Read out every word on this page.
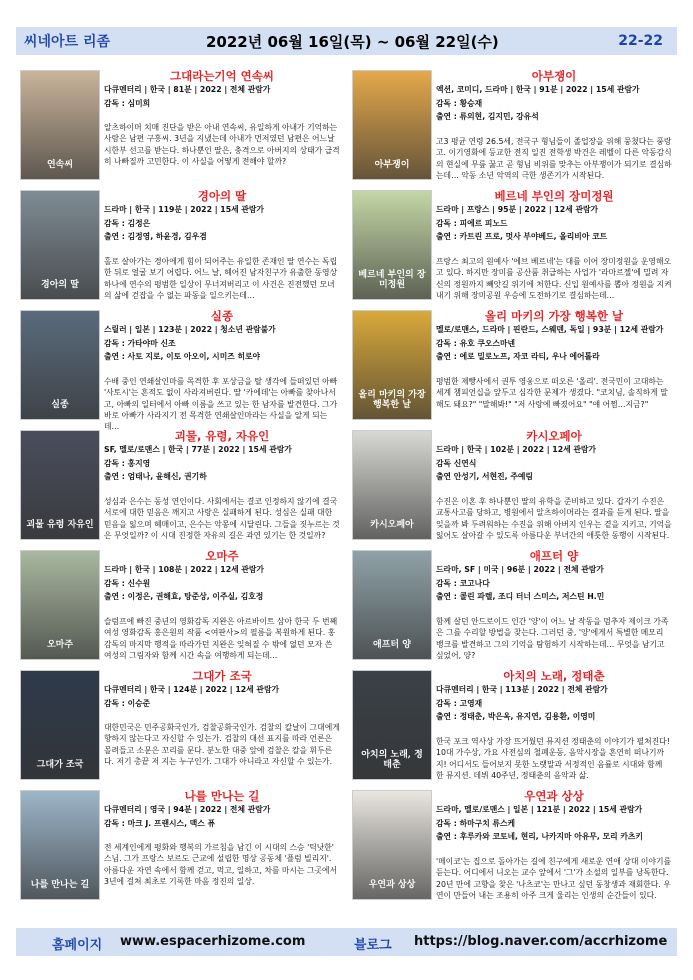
씨네아트 리좀	2022년 06월 16일(목) ~ 06월 22일(수)	22-22
연속씨
그대라는기억 연속씨
다큐멘터리 | 한국 | 81분 | 2022 | 전체 관람가
감독 : 심미희
알츠하이머 치매 진단을 받은 아내 연속씨, 유일하게 아내가 기억하는 사람은 남편 구흥씨. 3년을 지냈는데 아내가 먼저였던 남편은 어느날 시한부 선고를 받는다. 하나뿐인 딸은, 충격으로 아버지의 상태가 급격히 나빠질까 고민한다. 이 사실을 어떻게 전해야 할까?
경아의 딸
경아의 딸
드라마 | 한국 | 119분 | 2022 | 15세 관람가
감독 : 김정은
출연 : 김정영, 하윤경, 김우겸
홀로 살아가는 경아에게 힘이 되어주는 유일한 존재인 딸 연수는 독립한 뒤로 얼굴 보기 어렵다. 어느 날, 헤어진 남자친구가 유출한 동영상 하나에 연수의 평범한 일상이 무너져버리고 이 사건은 진전했던 모녀의 삶에 걷잡을 수 없는 파동을 일으키는데…
실종
실종
스릴러 | 일본 | 123분 | 2022 | 청소년 관람불가
감독 : 가타야마 신조
출연 : 사토 지로, 이토 아오이, 시미즈 히로야
수배 중인 연쇄살인마를 목격한 후 포상금을 탈 생각에 들떠있던 아빠 '사토시'는 흔적도 없이 사라져버린다. 딸 '카에데'는 아빠를 찾아나서고, 아빠의 일터에서 아빠 이름을 쓰고 있는 한 남자를 발견한다. 그가 바로 아빠가 사라지기 전 목격한 연쇄살인마라는 사실을 알게 되는데…
괴물 유령 자유인
괴물, 유령, 자유인
SF, 멜로/로맨스 | 한국 | 77분 | 2022 | 15세 관람가
감독 : 홍지영
출연 : 엄태나, 윤해신, 권기하
성심과 은수는 동성 연인이다. 사회에서는 결코 인정하지 않기에 결국 서로에 대한 믿음은 깨지고 사랑은 실패하게 된다. 성심은 실패 대한 믿음을 잃으며 헤매이고, 은수는 악몽에 시달린다. 그들을 짓누르는 것은 무엇일까? 이 시대 진정한 자유의 길은 과연 있기는 한 것일까?
오마주
오마주
드라마 | 한국 | 108분 | 2022 | 12세 관람가
감독 : 신수원
출연 : 이정은, 권해효, 탕준상, 이주실, 김호정
슬럼프에 빠진 중년의 영화감독 지완은 아르바이트 삼아 한국 두 번째 여성 영화감독 홍은원의 작품 <여판사>의 필름을 복원하게 된다. 홍감독의 마지막 행적을 따라가던 지완은 잊혀질 수 밖에 없던 모자 쓴 여성의 그림자와 함께 시간 속을 여행하게 되는데…
그대가 조국
그대가 조국
다큐멘터리 | 한국 | 124분 | 2022 | 12세 관람가
감독 : 이승준
대한민국은 민주공화국인가, 검찰공화국인가. 검찰의 칼날이 그대에게 향하지 않는다고 자신할 수 있는가. 검찰의 대선 표지를 따라 언론은 몰려들고 소문은 꼬리를 문다. 분노한 대중 앞에 검찰은 칼을 휘두른다. 저기 총끝 저 지는 누구인가. 그대가 아니라고 자신할 수 있는가.
나를 만나는 길
나를 만나는 길
다큐멘터리 | 영국 | 94분 | 2022 | 전체 관람가
감독 : 마크 J. 프랜시스, 맥스 퓨
전 세계인에게 평화와 행복의 가르침을 남긴 이 시대의 스승 '틱낫한' 스님. 그가 프랑스 보르도 근교에 설립한 명상 공동체 '플럼 빌리지'. 아름다운 자연 속에서 함께 걷고, 먹고, 일하고, 차를 마시는 그곳에서 3년에 걸쳐 최초로 기록한 마음 정진의 일상.
아부쟁이
아부쟁이
액션, 코미디, 드라마 | 한국 | 91분 | 2022 | 15세 관람가
감독 : 황승재
출연 : 류의현, 김지민, 강유석
고3 평균 연령 26.5세, 전국구 형님들이 졸업장을 위해 뭉쳤다는 풍랑고. 이기영화에 등교한 전직 일진 전학생 박건은 레벨이 다른 악동감식의 현실에 무릎 꿇고 곧 형님 비위를 맞추는 아부쟁이가 되기로 결심하는데… 악동 소년 악역의 극한 생존기가 시작된다.
베르네 부인의 장미정원
베르네 부인의 장미정원
드라마 | 프랑스 | 95분 | 2022 | 12세 관람가
감독 : 피에르 피노드
출연 : 카트린 프로, 멋사 부야베드, 올리비아 코트
프랑스 최고의 원예사 '에브 베르네'는 대를 이어 장미정원을 운영해오고 있다. 하지만 장미를 공산품 취급하는 사업가 '라마르젤'에 밀려 자신의 정원까지 빼앗길 위기에 처한다. 신입 원예사를 뽑아 정원을 지켜 내기 위해 장미공원 우승에 도전하기로 결심하는데…
올리 마키의 가장 행복한 날
올리 마키의 가장 행복한 날
멜로/로맨스, 드라마 | 핀란드, 스웨덴, 독일 | 93분 | 12세 관람가
감독 : 유호 쿠오스마넨
출연 : 에로 밀로노프, 자코 라티, 우나 에어톨라
평범한 제빵사에서 권투 영웅으로 떠오른 '올리'. 전국민이 고대하는 세계 챔피언십을 앞두고 심각한 문제가 생겼다. "코치님, 솔직하게 말해도 돼요?" "말해봐!" "저 사랑에 빠졌어요" "얘 어쩜…지금?"
카시오페아
카시오페아
드라마 | 한국 | 102분 | 2022 | 12세 관람가
감독 신연식
출연 안성기, 서현진, 주예림
수진은 이혼 후 하나뿐인 딸의 유학을 준비하고 있다. 갑자기 수진은 교통사고를 당하고, 병원에서 알츠하이머라는 결과를 듣게 된다. 딸을 잊을까 봐 두려워하는 수진을 위해 아버지 인우는 곁을 지키고, 기억을 잃어도 살아갈 수 있도록 아름다운 부녀간의 애틋한 동행이 시작된다.
애프터 양
애프터 양
드라마, SF | 미국 | 96분 | 2022 | 전체 관람가
감독 : 코고나다
출연 : 콜린 파렐, 조디 터너 스미스, 저스틴 H.민
함께 살던 안드로이드 인간 '양'이 어느 날 작동을 멈추자 제이크 가족은 그를 수리할 방법을 찾는다. 그러던 중, '양'에게서 특별한 메모리 뱅크를 발견하고 그의 기억을 탐험하기 시작하는데… 무엇을 남기고 싶었어, 양?
아치의 노래, 정태춘
아치의 노래, 정태춘
다큐멘터리 | 한국 | 113분 | 2022 | 전체 관람가
감독 : 고영재
출연 : 정태춘, 박은옥, 유지연, 김용환, 이영미
한국 포크 역사상 가장 뜨거웠던 뮤지션 정태춘의 이야기가 펼쳐진다! 10대 가수상, 가요 사전심의 철폐운동, 음악시장을 흔연히 떠나기까지! 어디서도 들어보지 못한 노랫말과 서정적인 음률로 시대와 함께 한 뮤지션. 데뷔 40주년, 정태춘의 음악과 삶.
우연과 상상
우연과 상상
드라마, 멜로/로맨스 | 일본 | 121분 | 2022 | 15세 관람가
감독 : 하마구치 류스케
출연 : 후루카와 코토네, 현리, 나카지마 아유무, 모리 카츠키
'메이코'는 집으로 돌아가는 길에 친구에게 새로운 연애 상대 이야기를 듣는다. 어디에서 니오는 교수 앞에서 '그'가 소설의 일부를 낭독한다. 20년 만에 고향을 찾은 '나츠코'는 만나고 싶던 동창생과 재회한다. 우연이 만들어 내는 조용히 아주 크게 울리는 인생의 순간들이 있다.
홈페이지 www.espacerhizome.com	블로그 https://blog.naver.com/accrhizome
